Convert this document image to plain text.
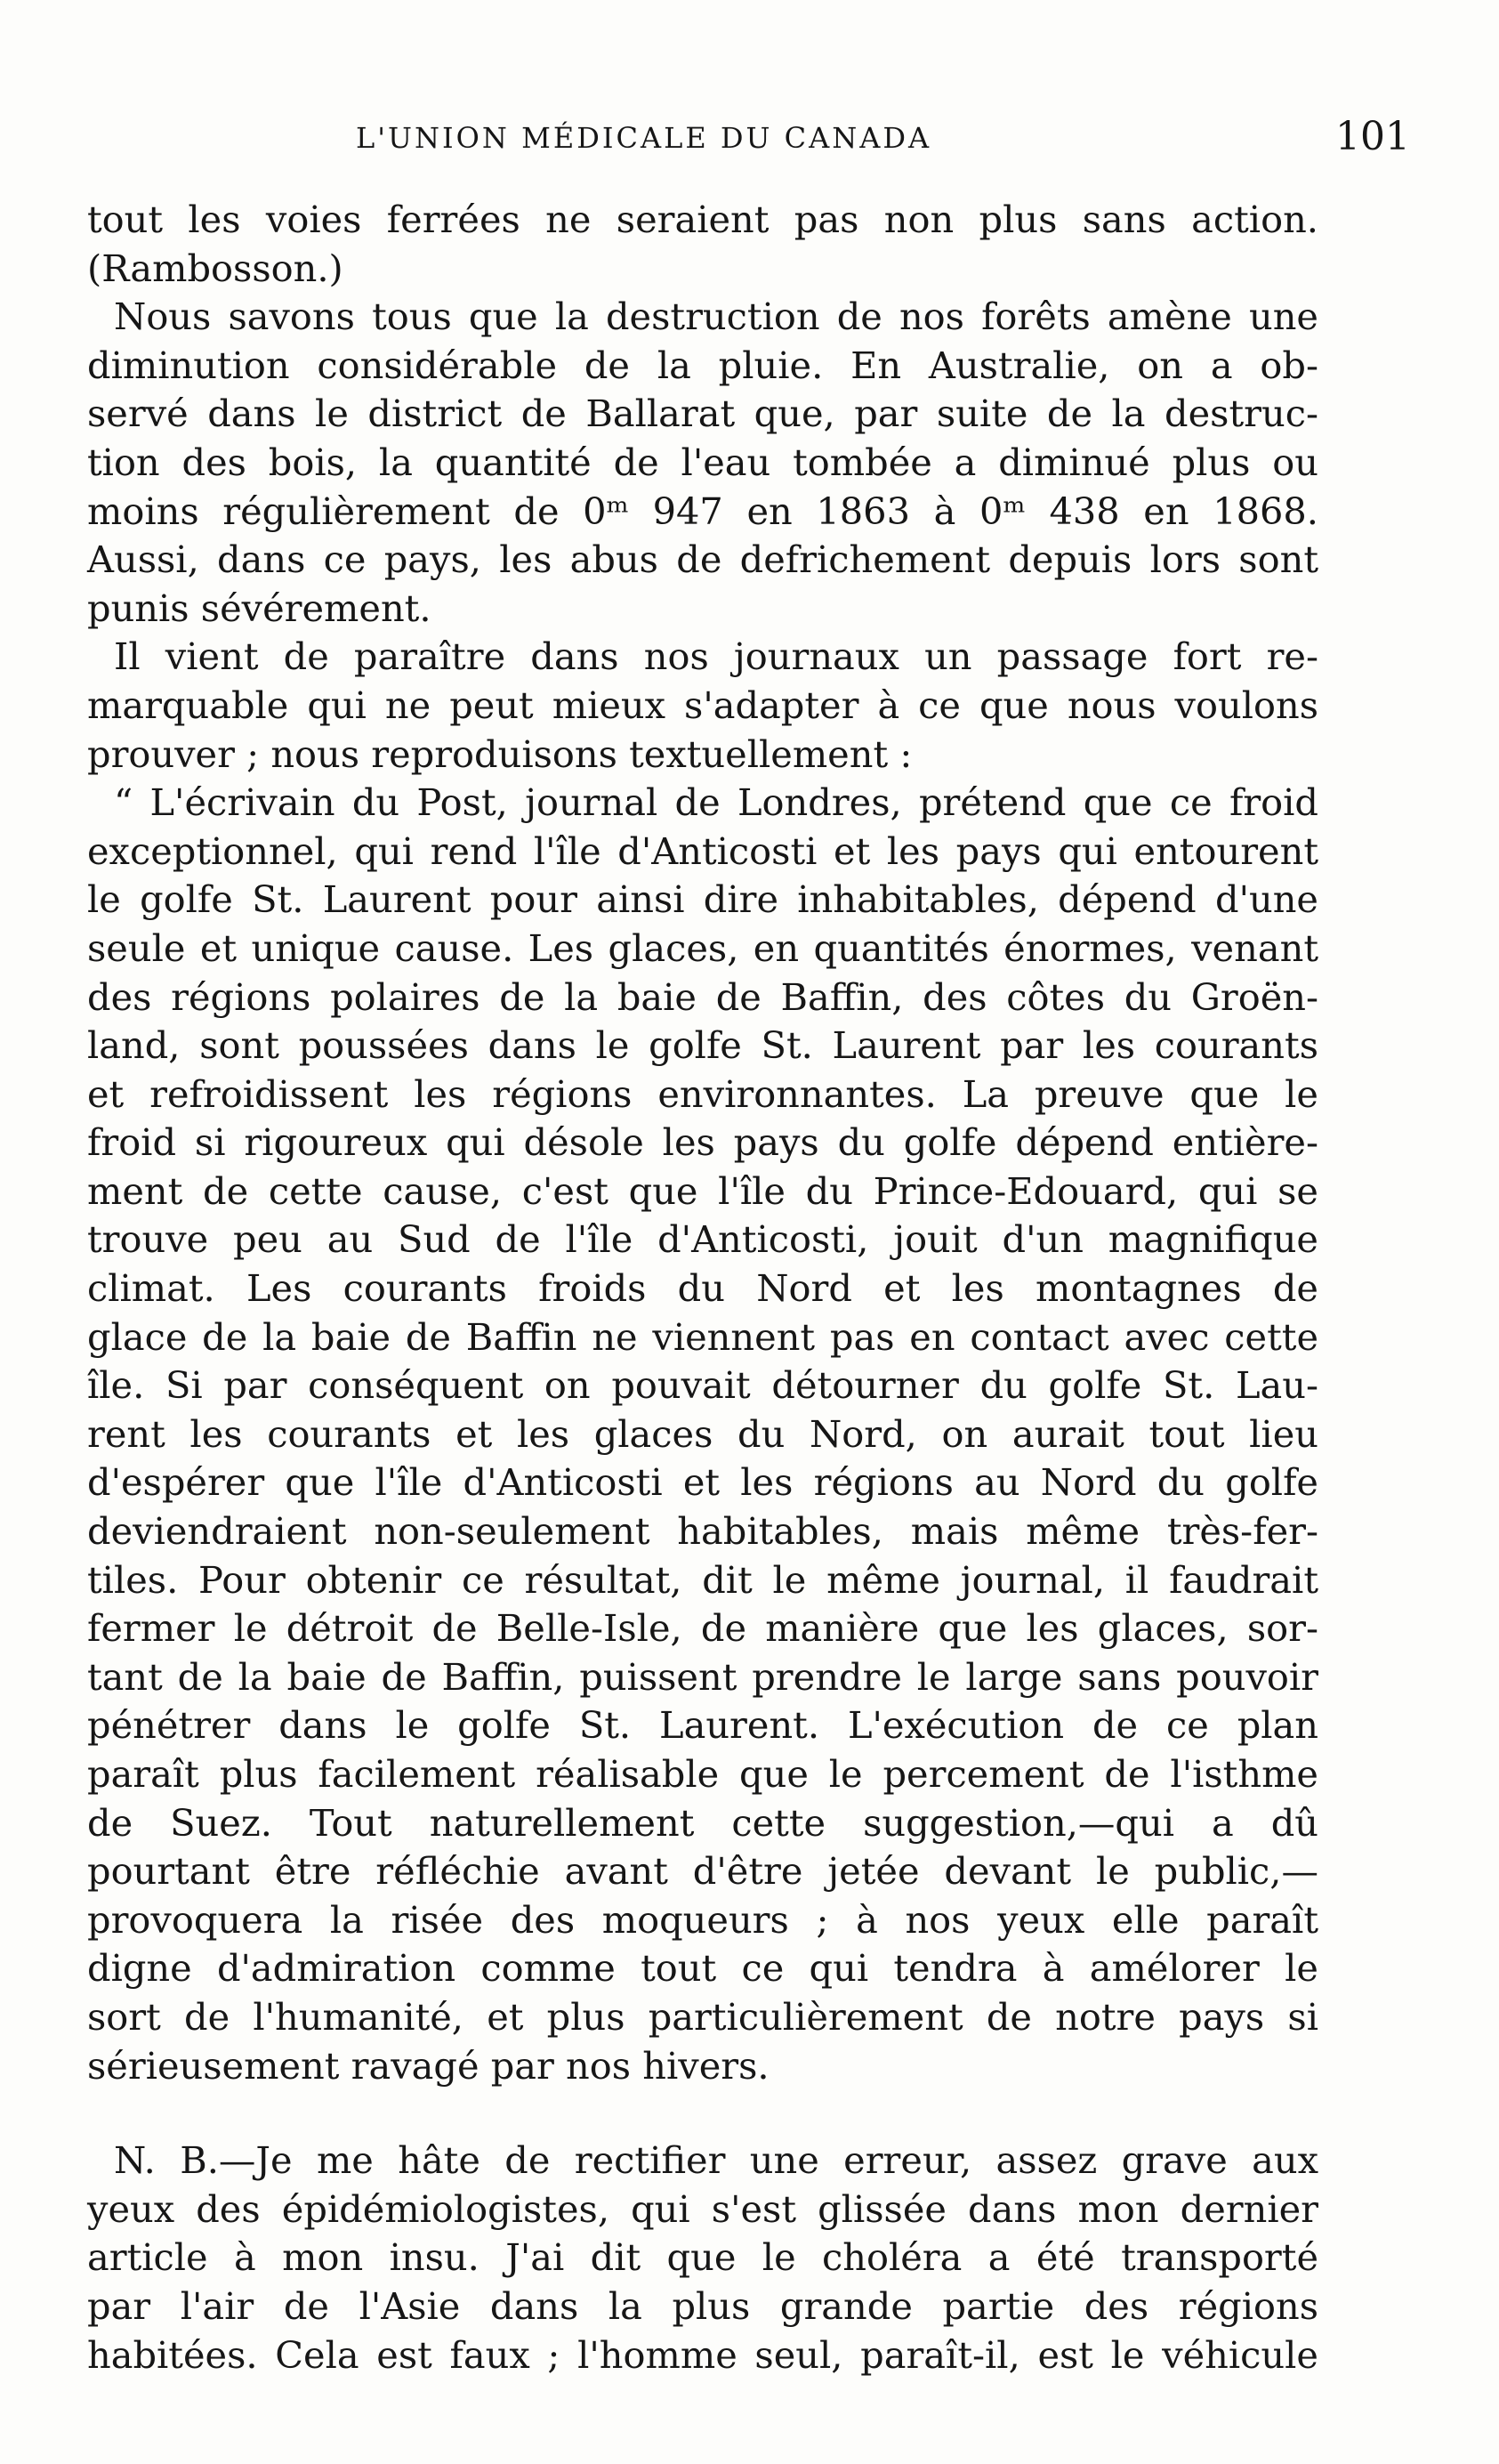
L'UNION MÉDICALE DU CANADA	101
tout les voies ferrées ne seraient pas non plus sans action.
(Rambosson.)
Nous savons tous que la destruction de nos forêts amène une
diminution considérable de la pluie. En Australie, on a ob-
servé dans le district de Ballarat que, par suite de la destruc-
tion des bois, la quantité de l'eau tombée a diminué plus ou
moins régulièrement de 0ᵐ 947 en 1863 à 0ᵐ 438 en 1868.
Aussi, dans ce pays, les abus de defrichement depuis lors sont
punis sévérement.
Il vient de paraître dans nos journaux un passage fort re-
marquable qui ne peut mieux s'adapter à ce que nous voulons
prouver ; nous reproduisons textuellement :
“ L'écrivain du Post, journal de Londres, prétend que ce froid
exceptionnel, qui rend l'île d'Anticosti et les pays qui entourent
le golfe St. Laurent pour ainsi dire inhabitables, dépend d'une
seule et unique cause. Les glaces, en quantités énormes, venant
des régions polaires de la baie de Baffin, des côtes du Groën-
land, sont poussées dans le golfe St. Laurent par les courants
et refroidissent les régions environnantes. La preuve que le
froid si rigoureux qui désole les pays du golfe dépend entière-
ment de cette cause, c'est que l'île du Prince-Edouard, qui se
trouve peu au Sud de l'île d'Anticosti, jouit d'un magnifique
climat. Les courants froids du Nord et les montagnes de
glace de la baie de Baffin ne viennent pas en contact avec cette
île. Si par conséquent on pouvait détourner du golfe St. Lau-
rent les courants et les glaces du Nord, on aurait tout lieu
d'espérer que l'île d'Anticosti et les régions au Nord du golfe
deviendraient non-seulement habitables, mais même très-fer-
tiles. Pour obtenir ce résultat, dit le même journal, il faudrait
fermer le détroit de Belle-Isle, de manière que les glaces, sor-
tant de la baie de Baffin, puissent prendre le large sans pouvoir
pénétrer dans le golfe St. Laurent. L'exécution de ce plan
paraît plus facilement réalisable que le percement de l'isthme
de Suez. Tout naturellement cette suggestion,—qui a dû
pourtant être réfléchie avant d'être jetée devant le public,—
provoquera la risée des moqueurs ; à nos yeux elle paraît
digne d'admiration comme tout ce qui tendra à amélorer le
sort de l'humanité, et plus particulièrement de notre pays si
sérieusement ravagé par nos hivers.
N. B.—Je me hâte de rectifier une erreur, assez grave aux
yeux des épidémiologistes, qui s'est glissée dans mon dernier
article à mon insu. J'ai dit que le choléra a été transporté
par l'air de l'Asie dans la plus grande partie des régions
habitées. Cela est faux ; l'homme seul, paraît-il, est le véhicule
